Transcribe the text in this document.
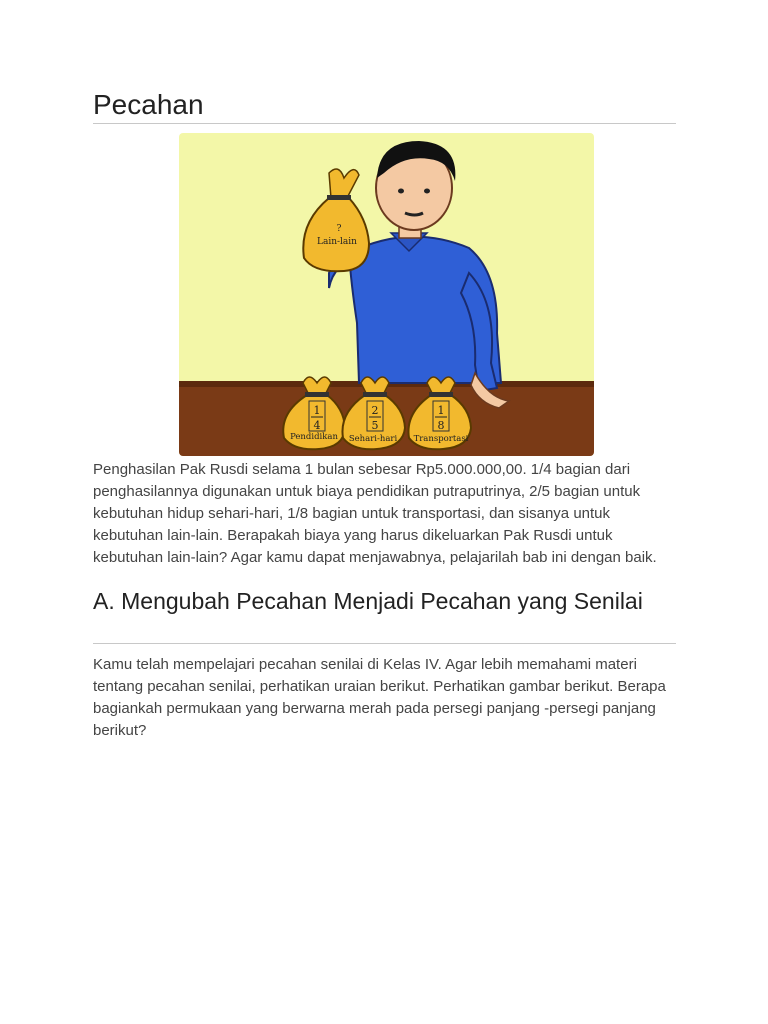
Pecahan
?
Lain-lain
1
4
Pendidikan
2
5
Sehari-hari
1
8
Transportasi

Penghasilan Pak Rusdi selama 1 bulan sebesar Rp5.000.000,00. 1/4 bagian dari penghasilannya digunakan untuk biaya pendidikan putraputrinya, 2/5 bagian untuk kebutuhan hidup sehari-hari, 1/8 bagian untuk transportasi, dan sisanya untuk kebutuhan lain-lain. Berapakah biaya yang harus dikeluarkan Pak Rusdi untuk kebutuhan lain-lain? Agar kamu dapat menjawabnya, pelajarilah bab ini dengan baik.

A. Mengubah Pecahan Menjadi Pecahan yang Senilai

Kamu telah mempelajari pecahan senilai di Kelas IV. Agar lebih memahami materi tentang pecahan senilai, perhatikan uraian berikut. Perhatikan gambar berikut. Berapa bagiankah permukaan yang berwarna merah pada persegi panjang -persegi panjang berikut?
